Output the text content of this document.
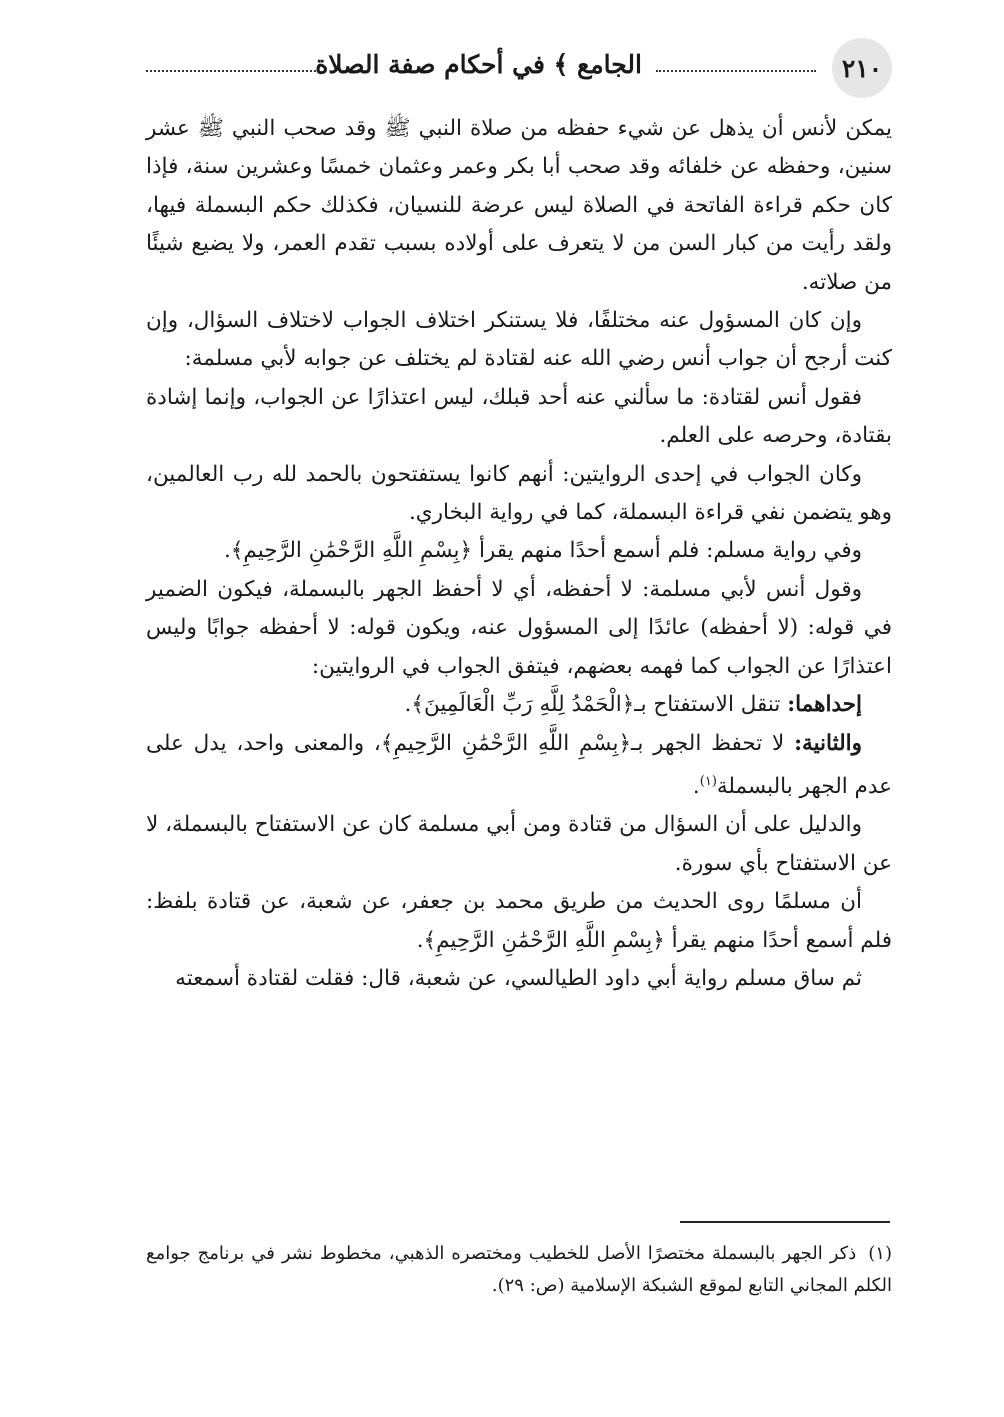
٢١٠
الجامع ﴾ في أحكام صفة الصلاة

يمكن لأنس أن يذهل عن شيء حفظه من صلاة النبي ﷺ وقد صحب النبي ﷺ عشر سنين، وحفظه عن خلفائه وقد صحب أبا بكر وعمر وعثمان خمسًا وعشرين سنة، فإذا كان حكم قراءة الفاتحة في الصلاة ليس عرضة للنسيان، فكذلك حكم البسملة فيها، ولقد رأيت من كبار السن من لا يتعرف على أولاده بسبب تقدم العمر، ولا يضيع شيئًا من صلاته.

وإن كان المسؤول عنه مختلفًا، فلا يستنكر اختلاف الجواب لاختلاف السؤال، وإن كنت أرجح أن جواب أنس رضي الله عنه لقتادة لم يختلف عن جوابه لأبي مسلمة:

فقول أنس لقتادة: ما سألني عنه أحد قبلك، ليس اعتذارًا عن الجواب، وإنما إشادة بقتادة، وحرصه على العلم.

وكان الجواب في إحدى الروايتين: أنهم كانوا يستفتحون بالحمد لله رب العالمين، وهو يتضمن نفي قراءة البسملة، كما في رواية البخاري.

وفي رواية مسلم: فلم أسمع أحدًا منهم يقرأ ﴿بِسْمِ اللَّهِ الرَّحْمَٰنِ الرَّحِيمِ﴾.

وقول أنس لأبي مسلمة: لا أحفظه، أي لا أحفظ الجهر بالبسملة، فيكون الضمير في قوله: (لا أحفظه) عائدًا إلى المسؤول عنه، ويكون قوله: لا أحفظه جوابًا وليس اعتذارًا عن الجواب كما فهمه بعضهم، فيتفق الجواب في الروايتين:

إحداهما: تنقل الاستفتاح بـ﴿الْحَمْدُ لِلَّهِ رَبِّ الْعَالَمِينَ﴾.

والثانية: لا تحفظ الجهر بـ﴿بِسْمِ اللَّهِ الرَّحْمَٰنِ الرَّحِيمِ﴾، والمعنى واحد، يدل على عدم الجهر بالبسملة$^{(١)}$.

والدليل على أن السؤال من قتادة ومن أبي مسلمة كان عن الاستفتاح بالبسملة، لا عن الاستفتاح بأي سورة.

أن مسلمًا روى الحديث من طريق محمد بن جعفر، عن شعبة، عن قتادة بلفظ: فلم أسمع أحدًا منهم يقرأ ﴿بِسْمِ اللَّهِ الرَّحْمَٰنِ الرَّحِيمِ﴾.

ثم ساق مسلم رواية أبي داود الطيالسي، عن شعبة، قال: فقلت لقتادة أسمعته

(١)ذكر الجهر بالبسملة مختصرًا الأصل للخطيب ومختصره الذهبي، مخطوط نشر في برنامج جوامع الكلم المجاني التابع لموقع الشبكة الإسلامية (ص: ٢٩).
